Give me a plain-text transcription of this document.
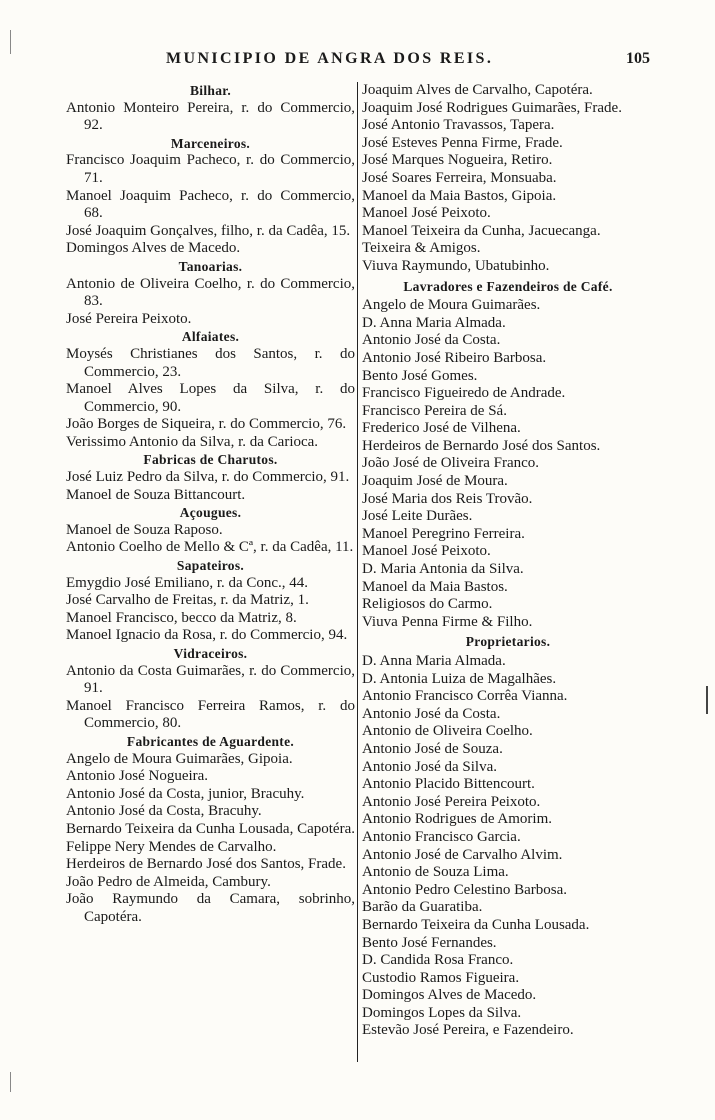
MUNICIPIO DE ANGRA DOS REIS.	105
Bilhar.
Antonio Monteiro Pereira, r. do Commercio, 92.
Marceneiros.
Francisco Joaquim Pacheco, r. do Commercio, 71.
Manoel Joaquim Pacheco, r. do Commercio, 68.
José Joaquim Gonçalves, filho, r. da Cadêa, 15.
Domingos Alves de Macedo.
Tanoarias.
Antonio de Oliveira Coelho, r. do Commercio, 83.
José Pereira Peixoto.
Alfaiates.
Moysés Christianes dos Santos, r. do Commercio, 23.
Manoel Alves Lopes da Silva, r. do Commercio, 90.
João Borges de Siqueira, r. do Commercio, 76.
Verissimo Antonio da Silva, r. da Carioca.
Fabricas de Charutos.
José Luiz Pedro da Silva, r. do Commercio, 91.
Manoel de Souza Bittancourt.
Açougues.
Manoel de Souza Raposo.
Antonio Coelho de Mello & Cª, r. da Cadêa, 11.
Sapateiros.
Emygdio José Emiliano, r. da Conc., 44.
José Carvalho de Freitas, r. da Matriz, 1.
Manoel Francisco, becco da Matriz, 8.
Manoel Ignacio da Rosa, r. do Commercio, 94.
Vidraceiros.
Antonio da Costa Guimarães, r. do Commercio, 91.
Manoel Francisco Ferreira Ramos, r. do Commercio, 80.
Fabricantes de Aguardente.
Angelo de Moura Guimarães, Gipoia.
Antonio José Nogueira.
Antonio José da Costa, junior, Bracuhy.
Antonio José da Costa, Bracuhy.
Bernardo Teixeira da Cunha Lousada, Capotéra.
Felippe Nery Mendes de Carvalho.
Herdeiros de Bernardo José dos Santos, Frade.
João Pedro de Almeida, Cambury.
João Raymundo da Camara, sobrinho, Capotéra.
Joaquim Alves de Carvalho, Capotéra.
Joaquim José Rodrigues Guimarães, Frade.
José Antonio Travassos, Tapera.
José Esteves Penna Firme, Frade.
José Marques Nogueira, Retiro.
José Soares Ferreira, Monsuaba.
Manoel da Maia Bastos, Gipoia.
Manoel José Peixoto.
Manoel Teixeira da Cunha, Jacuecanga.
Teixeira & Amigos.
Viuva Raymundo, Ubatubinho.
Lavradores e Fazendeiros de Café.
Angelo de Moura Guimarães.
D. Anna Maria Almada.
Antonio José da Costa.
Antonio José Ribeiro Barbosa.
Bento José Gomes.
Francisco Figueiredo de Andrade.
Francisco Pereira de Sá.
Frederico José de Vilhena.
Herdeiros de Bernardo José dos Santos.
João José de Oliveira Franco.
Joaquim José de Moura.
José Maria dos Reis Trovão.
José Leite Durães.
Manoel Peregrino Ferreira.
Manoel José Peixoto.
D. Maria Antonia da Silva.
Manoel da Maia Bastos.
Religiosos do Carmo.
Viuva Penna Firme & Filho.
Proprietarios.
D. Anna Maria Almada.
D. Antonia Luiza de Magalhães.
Antonio Francisco Corrêa Vianna.
Antonio José da Costa.
Antonio de Oliveira Coelho.
Antonio José de Souza.
Antonio José da Silva.
Antonio Placido Bittencourt.
Antonio José Pereira Peixoto.
Antonio Rodrigues de Amorim.
Antonio Francisco Garcia.
Antonio José de Carvalho Alvim.
Antonio de Souza Lima.
Antonio Pedro Celestino Barbosa.
Barão da Guaratiba.
Bernardo Teixeira da Cunha Lousada.
Bento José Fernandes.
D. Candida Rosa Franco.
Custodio Ramos Figueira.
Domingos Alves de Macedo.
Domingos Lopes da Silva.
Estevão José Pereira, e Fazendeiro.
